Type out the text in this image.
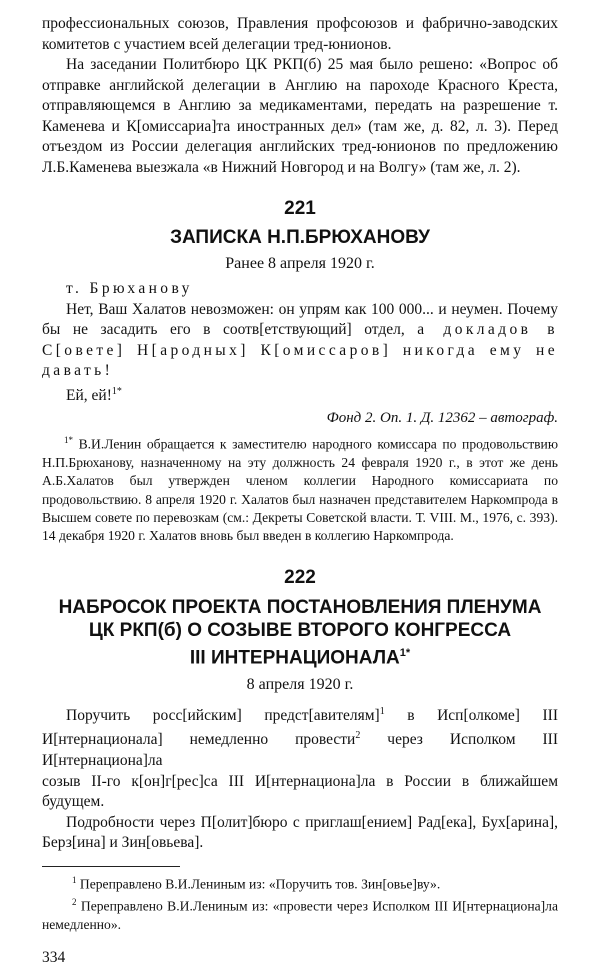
профессиональных союзов, Правления профсоюзов и фабрично-заводских комитетов с участием всей делегации тред-юнионов.

На заседании Политбюро ЦК РКП(б) 25 мая было решено: «Вопрос об отправке английской делегации в Англию на пароходе Красного Креста, отправляющемся в Англию за медикаментами, передать на разрешение т. Каменева и К[омиссариа]та иностранных дел» (там же, д. 82, л. 3). Перед отъездом из России делегация английских тред-юнионов по предложению Л.Б.Каменева выезжала «в Нижний Новгород и на Волгу» (там же, л. 2).

221

ЗАПИСКА Н.П.БРЮХАНОВУ

Ранее 8 апреля 1920 г.

т. Брюханову

Нет, Ваш Халатов невозможен: он упрям как 100 000... и неумен. Почему бы не засадить его в соотв[етствующий] отдел, а докладов в С[овете] Н[ародных] К[омиссаров] никогда ему не давать!

Ей, ей!$^{1*}$

Фонд 2. Оп. 1. Д. 12362 – автограф.

$^{1*}$ В.И.Ленин обращается к заместителю народного комиссара по продовольствию Н.П.Брюханову, назначенному на эту должность 24 февраля 1920 г., в этот же день А.Б.Халатов был утвержден членом коллегии Народного комиссариата по продовольствию. 8 апреля 1920 г. Халатов был назначен представителем Наркомпрода в Высшем совете по перевозкам (см.: Декреты Советской власти. Т. VIII. М., 1976, с. 393). 14 декабря 1920 г. Халатов вновь был введен в коллегию Наркомпрода.

222

НАБРОСОК ПРОЕКТА ПОСТАНОВЛЕНИЯ ПЛЕНУМА

ЦК РКП(б) О СОЗЫВЕ ВТОРОГО КОНГРЕССА

III $ИНТЕРНАЦИОНАЛА^{1*}$

8 апреля 1920 г.

Поручить росс[ийским] предст[авителям]$^1$ в Исп[олкоме] III И[нтернационала] немедленно провести$^2$ через Исполком III И[нтернациона]ла

созыв II-го к[он]г[рес]са III И[нтернациона]ла в России в ближайшем будущем.

Подробности через П[олит]бюро с приглаш[ением] Рад[ека], Бух[арина], Берз[ина] и Зин[овьева].

$^1$ Переправлено В.И.Лениным из: «Поручить тов. Зин[овье]ву».

$^2$ Переправлено В.И.Лениным из: «провести через Исполком III И[нтернациона]ла немедленно».

334
